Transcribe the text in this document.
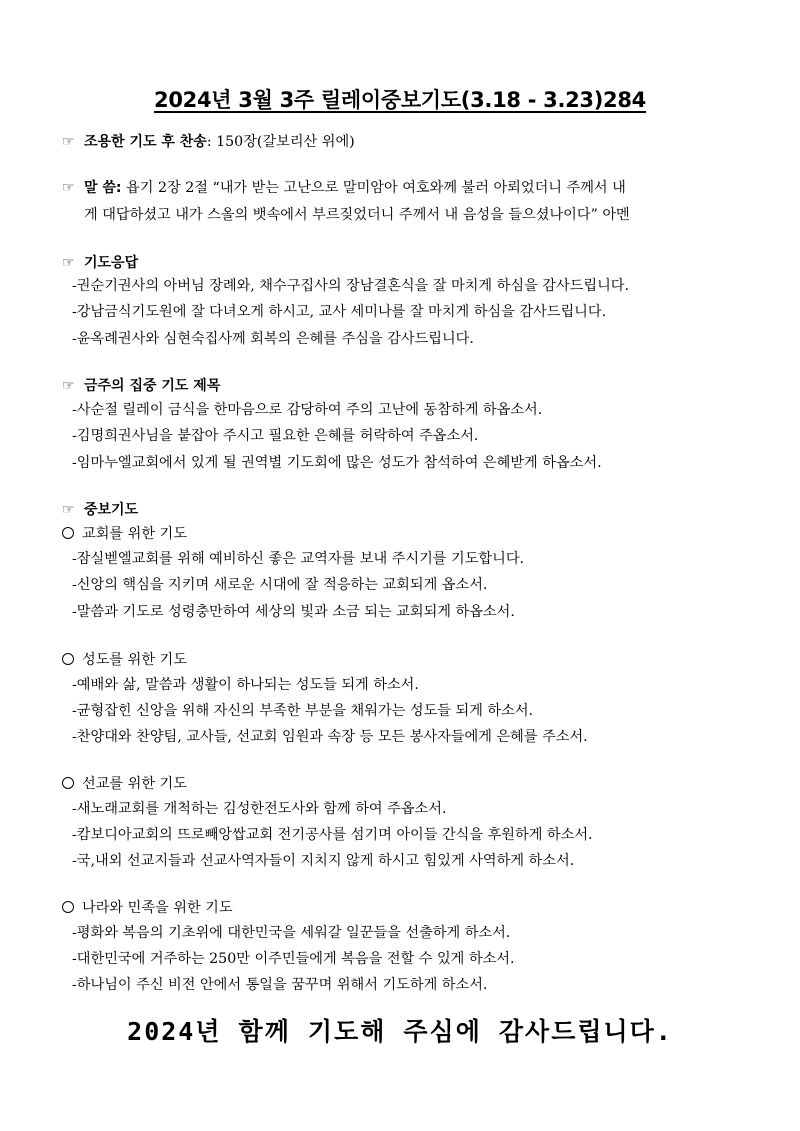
2024년 3월 3주 릴레이중보기도(3.18 - 3.23)284
☞ 조용한 기도 후 찬송: 150장(갈보리산 위에)
☞ 말 씀: 욥기 2장 2절 “내가 받는 고난으로 말미암아 여호와께 불러 아뢰었더니 주께서 내
게 대답하셨고 내가 스올의 뱃속에서 부르짖었더니 주께서 내 음성을 들으셨나이다” 아멘
☞ 기도응답
-권순기권사의 아버님 장례와, 채수구집사의 장남결혼식을 잘 마치게 하심을 감사드립니다.
-강남금식기도원에 잘 다녀오게 하시고, 교사 세미나를 잘 마치게 하심을 감사드립니다.
-윤옥례권사와 심현숙집사께 회복의 은혜를 주심을 감사드립니다.
☞ 금주의 집중 기도 제목
-사순절 릴레이 금식을 한마음으로 감당하여 주의 고난에 동참하게 하옵소서.
-김명희권사님을 붙잡아 주시고 필요한 은혜를 허락하여 주옵소서.
-임마누엘교회에서 있게 될 권역별 기도회에 많은 성도가 참석하여 은혜받게 하옵소서.
☞ 중보기도
교회를 위한 기도
-잠실벧엘교회를 위해 예비하신 좋은 교역자를 보내 주시기를 기도합니다.
-신앙의 핵심을 지키며 새로운 시대에 잘 적응하는 교회되게 옵소서.
-말씀과 기도로 성령충만하여 세상의 빛과 소금 되는 교회되게 하옵소서.
성도를 위한 기도
-예배와 삶, 말씀과 생활이 하나되는 성도들 되게 하소서.
-균형잡힌 신앙을 위해 자신의 부족한 부분을 채워가는 성도들 되게 하소서.
-찬양대와 찬양팀, 교사들, 선교회 임원과 속장 등 모든 봉사자들에게 은혜를 주소서.
선교를 위한 기도
-새노래교회를 개척하는 김성한전도사와 함께 하여 주옵소서.
-캄보디아교회의 뜨로빼앙쌉교회 전기공사를 섬기며 아이들 간식을 후원하게 하소서.
-국,내외 선교지들과 선교사역자들이 지치지 않게 하시고 힘있게 사역하게 하소서.
나라와 민족을 위한 기도
-평화와 복음의 기초위에 대한민국을 세워갈 일꾼들을 선출하게 하소서.
-대한민국에 거주하는 250만 이주민들에게 복음을 전할 수 있게 하소서.
-하나님이 주신 비전 안에서 통일을 꿈꾸며 위해서 기도하게 하소서.
2024년 함께 기도해 주심에 감사드립니다.
